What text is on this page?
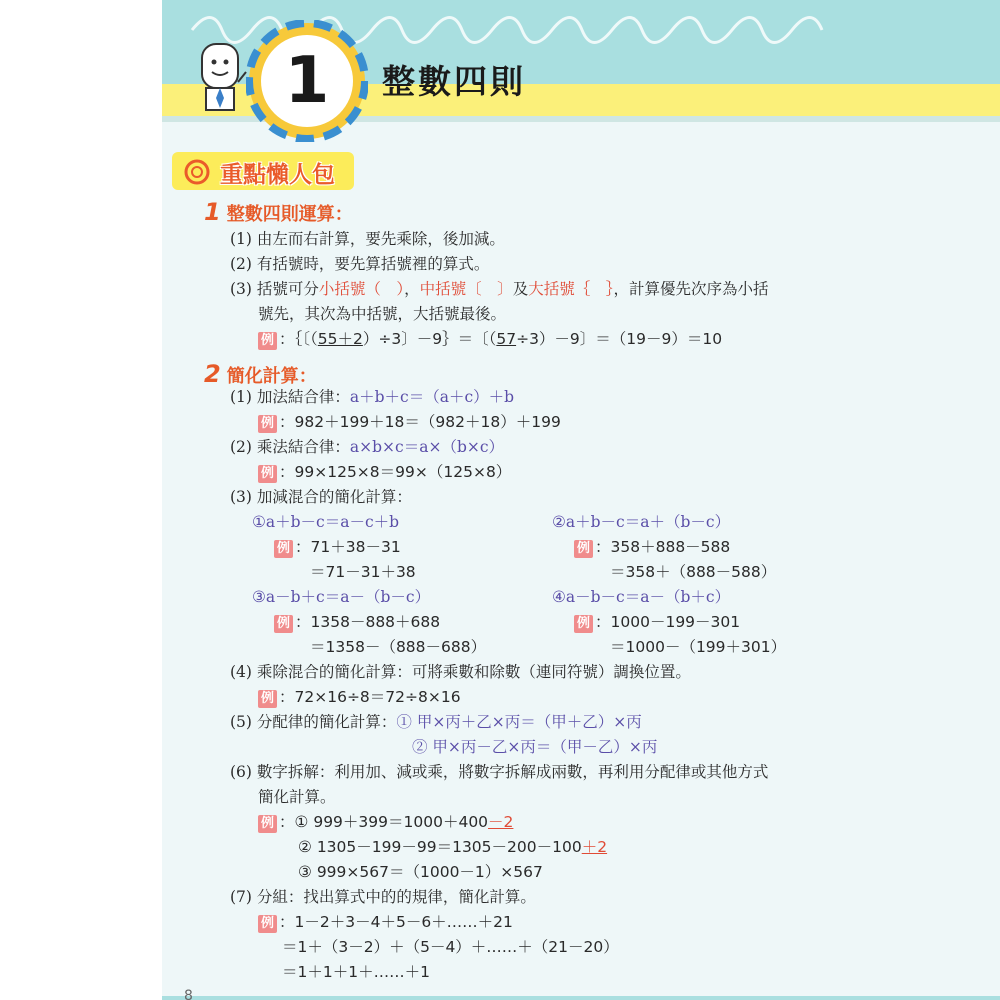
1	整數四則
重點懶人包
1 整數四則運算：
(1) 由左而右計算，要先乘除，後加減。
(2) 有括號時，要先算括號裡的算式。
(3) 括號可分小括號（　），中括號〔　〕及大括號｛　｝，計算優先次序為小括
號先，其次為中括號，大括號最後。
例 ：｛〔（55＋2）÷3〕－9｝＝〔（57÷3）－9〕＝（19－9）＝10
2 簡化計算：
(1) 加法結合律：a＋b＋c＝（a＋c）＋b
例 ：982＋199＋18＝（982＋18）＋199
(2) 乘法結合律：a×b×c＝a×（b×c）
例 ：99×125×8＝99×（125×8）
(3) 加減混合的簡化計算：
①a＋b－c＝a－c＋b
例 ：71＋38－31
＝71－31＋38
②a＋b－c＝a＋（b－c）
例 ：358＋888－588
＝358＋（888－588）
③a－b＋c＝a－（b－c）
例 ：1358－888＋688
＝1358－（888－688）
④a－b－c＝a－（b＋c）
例 ：1000－199－301
＝1000－（199＋301）
(4) 乘除混合的簡化計算：可將乘數和除數（連同符號）調換位置。
例 ：72×16÷8＝72÷8×16
(5) 分配律的簡化計算：① 甲×丙＋乙×丙＝（甲＋乙）×丙
② 甲×丙－乙×丙＝（甲－乙）×丙
(6) 數字拆解：利用加、減或乘，將數字拆解成兩數，再利用分配律或其他方式
簡化計算。
例 ：① 999＋399＝1000＋400－2
② 1305－199－99＝1305－200－100＋2
③ 999×567＝（1000－1）×567
(7) 分組：找出算式中的的規律，簡化計算。
例 ：1－2＋3－4＋5－6＋……＋21
＝1＋（3－2）＋（5－4）＋……＋（21－20）
＝1＋1＋1＋……＋1
8
